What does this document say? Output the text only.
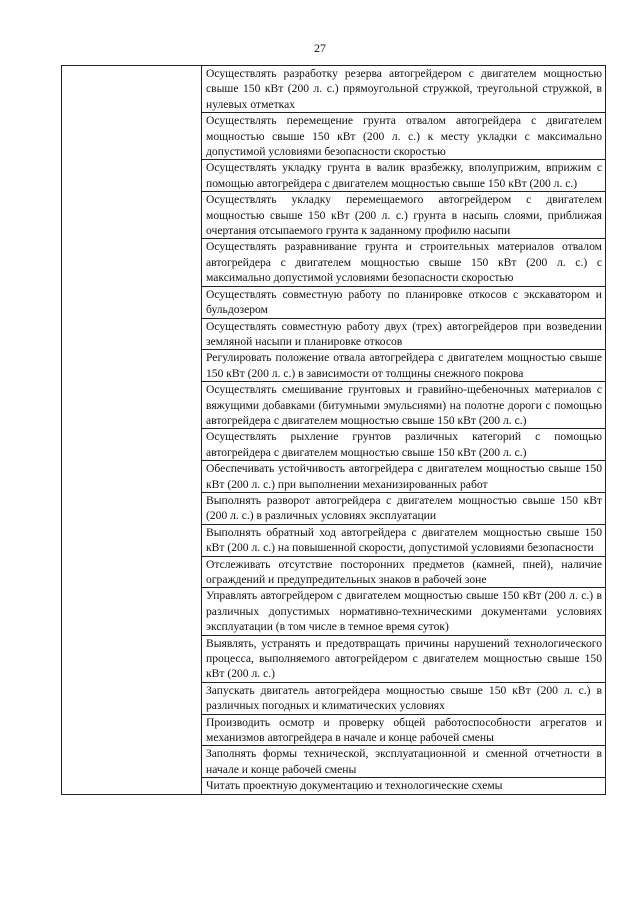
27

Осуществлять разработку резерва автогрейдером с двигателем мощностью свыше 150 кВт (200 л. с.) прямоугольной стружкой, треугольной стружкой, в нулевых отметках

Осуществлять перемещение грунта отвалом автогрейдера с двигателем мощностью свыше 150 кВт (200 л. с.) к месту укладки с максимально допустимой условиями безопасности скоростью

Осуществлять укладку грунта в валик вразбежку, вполуприжим, вприжим с помощью автогрейдера с двигателем мощностью свыше 150 кВт (200 л. с.)

Осуществлять укладку перемещаемого автогрейдером с двигателем мощностью свыше 150 кВт (200 л. с.) грунта в насыпь слоями, приближая очертания отсыпаемого грунта к заданному профилю насыпи

Осуществлять разравнивание грунта и строительных материалов отвалом автогрейдера с двигателем мощностью свыше 150 кВт (200 л. с.) с максимально допустимой условиями безопасности скоростью

Осуществлять совместную работу по планировке откосов с экскаватором и бульдозером

Осуществлять совместную работу двух (трех) автогрейдеров при возведении земляной насыпи и планировке откосов

Регулировать положение отвала автогрейдера с двигателем мощностью свыше 150 кВт (200 л. с.) в зависимости от толщины снежного покрова

Осуществлять смешивание грунтовых и гравийно-щебеночных материалов с вяжущими добавками (битумными эмульсиями) на полотне дороги с помощью автогрейдера с двигателем мощностью свыше 150 кВт (200 л. с.)

Осуществлять рыхление грунтов различных категорий с помощью автогрейдера с двигателем мощностью свыше 150 кВт (200 л. с.)

Обеспечивать устойчивость автогрейдера с двигателем мощностью свыше 150 кВт (200 л. с.) при выполнении механизированных работ

Выполнять разворот автогрейдера с двигателем мощностью свыше 150 кВт (200 л. с.) в различных условиях эксплуатации

Выполнять обратный ход автогрейдера с двигателем мощностью свыше 150 кВт (200 л. с.) на повышенной скорости, допустимой условиями безопасности

Отслеживать отсутствие посторонних предметов (камней, пней), наличие ограждений и предупредительных знаков в рабочей зоне

Управлять автогрейдером с двигателем мощностью свыше 150 кВт (200 л. с.) в различных допустимых нормативно-техническими документами условиях эксплуатации (в том числе в темное время суток)

Выявлять, устранять и предотвращать причины нарушений технологического процесса, выполняемого автогрейдером с двигателем мощностью свыше 150 кВт (200 л. с.)

Запускать двигатель автогрейдера мощностью свыше 150 кВт (200 л. с.) в различных погодных и климатических условиях

Производить осмотр и проверку общей работоспособности агрегатов и механизмов автогрейдера в начале и конце рабочей смены

Заполнять формы технической, эксплуатационной и сменной отчетности в начале и конце рабочей смены

Читать проектную документацию и технологические схемы
